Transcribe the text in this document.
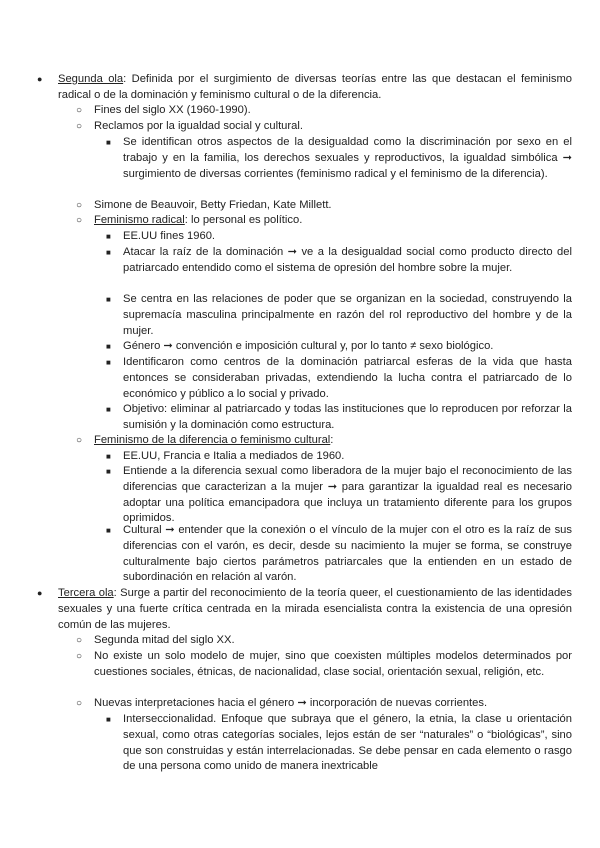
● Segunda ola: Definida por el surgimiento de diversas teorías entre las que destacan el feminismo radical o de la dominación y feminismo cultural o de la diferencia.
○ Fines del siglo XX (1960-1990).
○ Reclamos por la igualdad social y cultural.
■ Se identifican otros aspectos de la desigualdad como la discriminación por sexo en el trabajo y en la familia, los derechos sexuales y reproductivos, la igualdad simbólica ➞ surgimiento de diversas corrientes (feminismo radical y el feminismo de la diferencia).
○ Simone de Beauvoir, Betty Friedan, Kate Millett.
○ Feminismo radical: lo personal es político.
■ EE.UU fines 1960.
■ Atacar la raíz de la dominación ➞ ve a la desigualdad social como producto directo del patriarcado entendido como el sistema de opresión del hombre sobre la mujer.
■ Se centra en las relaciones de poder que se organizan en la sociedad, construyendo la supremacía masculina principalmente en razón del rol reproductivo del hombre y de la mujer.
■ Género ➞ convención e imposición cultural y, por lo tanto ≠ sexo biológico.
■ Identificaron como centros de la dominación patriarcal esferas de la vida que hasta entonces se consideraban privadas, extendiendo la lucha contra el patriarcado de lo económico y público a lo social y privado.
■ Objetivo: eliminar al patriarcado y todas las instituciones que lo reproducen por reforzar la sumisión y la dominación como estructura.
○ Feminismo de la diferencia o feminismo cultural:
■ EE.UU, Francia e Italia a mediados de 1960.
■ Entiende a la diferencia sexual como liberadora de la mujer bajo el reconocimiento de las diferencias que caracterizan a la mujer ➞ para garantizar la igualdad real es necesario adoptar una política emancipadora que incluya un tratamiento diferente para los grupos oprimidos.
■ Cultural ➞ entender que la conexión o el vínculo de la mujer con el otro es la raíz de sus diferencias con el varón, es decir, desde su nacimiento la mujer se forma, se construye culturalmente bajo ciertos parámetros patriarcales que la entienden en un estado de subordinación en relación al varón.
● Tercera ola: Surge a partir del reconocimiento de la teoría queer, el cuestionamiento de las identidades sexuales y una fuerte crítica centrada en la mirada esencialista contra la existencia de una opresión común de las mujeres.
○ Segunda mitad del siglo XX.
○ No existe un solo modelo de mujer, sino que coexisten múltiples modelos determinados por cuestiones sociales, étnicas, de nacionalidad, clase social, orientación sexual, religión, etc.
○ Nuevas interpretaciones hacia el género ➞ incorporación de nuevas corrientes.
■ Interseccionalidad. Enfoque que subraya que el género, la etnia, la clase u orientación sexual, como otras categorías sociales, lejos están de ser “naturales” o “biológicas”, sino que son construidas y están interrelacionadas. Se debe pensar en cada elemento o rasgo de una persona como unido de manera inextricable
